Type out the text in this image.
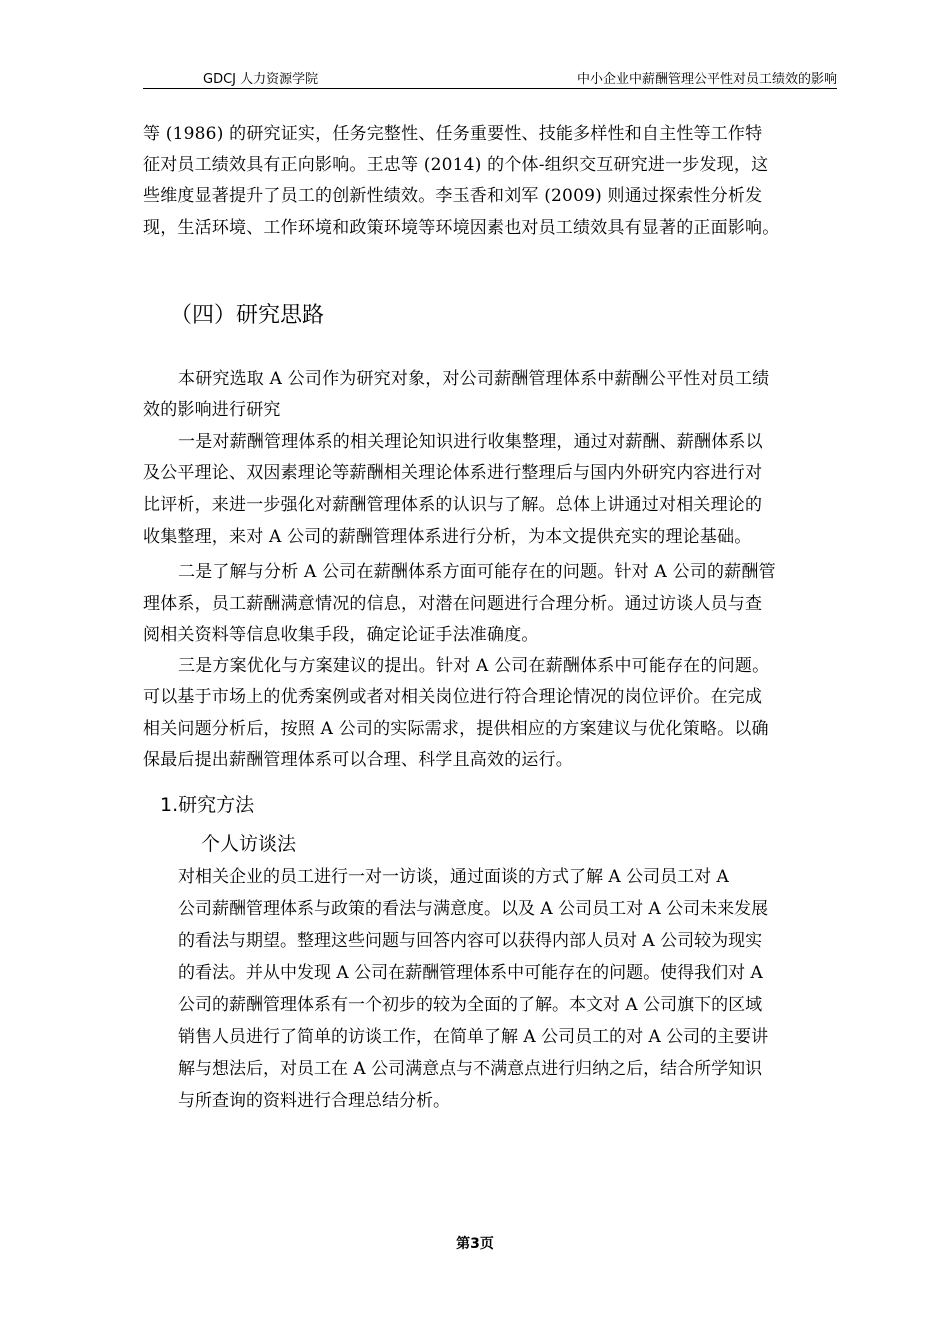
GDCJ 人力资源学院	中小企业中薪酬管理公平性对员工绩效的影响
等 (1986) 的研究证实，任务完整性、任务重要性、技能多样性和自主性等工作特
征对员工绩效具有正向影响。王忠等 (2014) 的个体-组织交互研究进一步发现，这
些维度显著提升了员工的创新性绩效。李玉香和刘军 (2009) 则通过探索性分析发
现，生活环境、工作环境和政策环境等环境因素也对员工绩效具有显著的正面影响。
（四）研究思路
本研究选取 A 公司作为研究对象，对公司薪酬管理体系中薪酬公平性对员工绩
效的影响进行研究
一是对薪酬管理体系的相关理论知识进行收集整理，通过对薪酬、薪酬体系以
及公平理论、双因素理论等薪酬相关理论体系进行整理后与国内外研究内容进行对
比评析，来进一步强化对薪酬管理体系的认识与了解。总体上讲通过对相关理论的
收集整理，来对 A 公司的薪酬管理体系进行分析，为本文提供充实的理论基础。
二是了解与分析 A 公司在薪酬体系方面可能存在的问题。针对 A 公司的薪酬管
理体系，员工薪酬满意情况的信息，对潜在问题进行合理分析。通过访谈人员与查
阅相关资料等信息收集手段，确定论证手法准确度。
三是方案优化与方案建议的提出。针对 A 公司在薪酬体系中可能存在的问题。
可以基于市场上的优秀案例或者对相关岗位进行符合理论情况的岗位评价。在完成
相关问题分析后，按照 A 公司的实际需求，提供相应的方案建议与优化策略。以确
保最后提出薪酬管理体系可以合理、科学且高效的运行。
1.研究方法
个人访谈法
对相关企业的员工进行一对一访谈，通过面谈的方式了解 A 公司员工对 A
公司薪酬管理体系与政策的看法与满意度。以及 A 公司员工对 A 公司未来发展
的看法与期望。整理这些问题与回答内容可以获得内部人员对 A 公司较为现实
的看法。并从中发现 A 公司在薪酬管理体系中可能存在的问题。使得我们对 A
公司的薪酬管理体系有一个初步的较为全面的了解。本文对 A 公司旗下的区域
销售人员进行了简单的访谈工作，在简单了解 A 公司员工的对 A 公司的主要讲
解与想法后，对员工在 A 公司满意点与不满意点进行归纳之后，结合所学知识
与所查询的资料进行合理总结分析。
第3页
